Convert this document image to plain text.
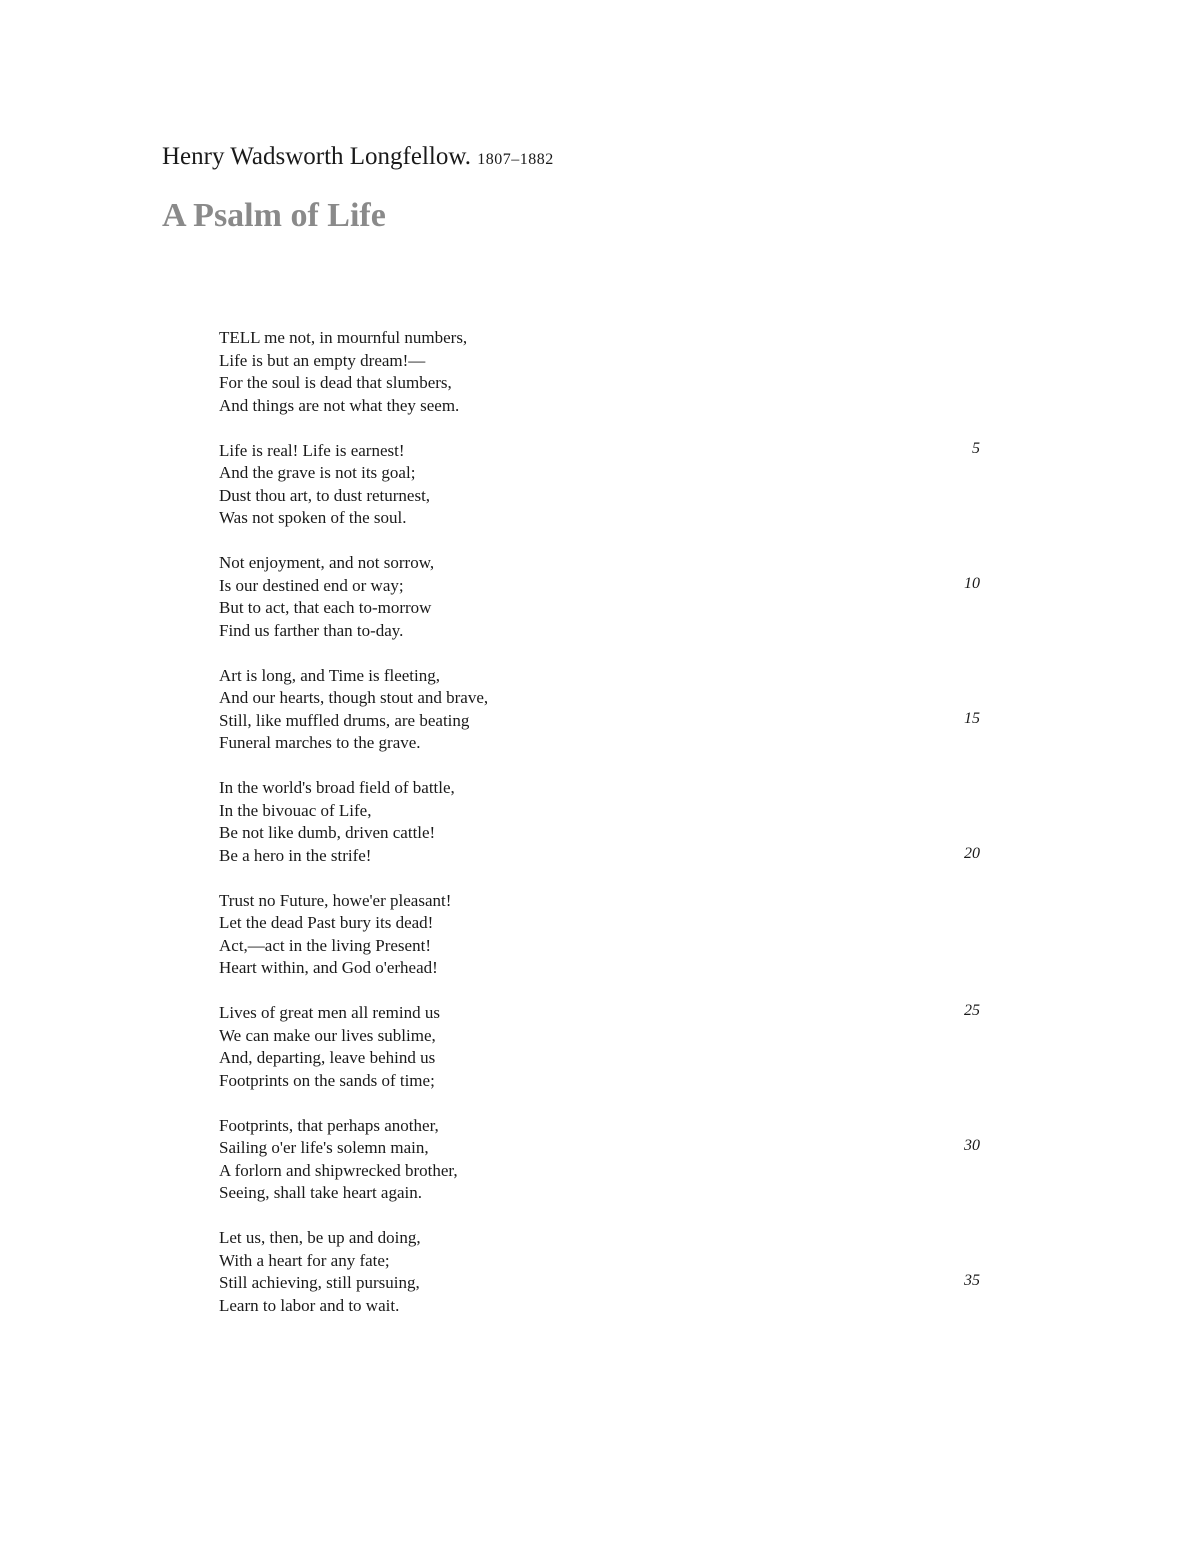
Henry Wadsworth Longfellow. 1807–1882
A Psalm of Life
TELL me not, in mournful numbers,
Life is but an empty dream!—
For the soul is dead that slumbers,
And things are not what they seem.
Life is real! Life is earnest!	5
And the grave is not its goal;
Dust thou art, to dust returnest,
Was not spoken of the soul.
Not enjoyment, and not sorrow,
Is our destined end or way;	10
But to act, that each to-morrow
Find us farther than to-day.
Art is long, and Time is fleeting,
And our hearts, though stout and brave,
Still, like muffled drums, are beating	15
Funeral marches to the grave.
In the world's broad field of battle,
In the bivouac of Life,
Be not like dumb, driven cattle!
Be a hero in the strife!	20
Trust no Future, howe'er pleasant!
Let the dead Past bury its dead!
Act,—act in the living Present!
Heart within, and God o'erhead!
Lives of great men all remind us	25
We can make our lives sublime,
And, departing, leave behind us
Footprints on the sands of time;
Footprints, that perhaps another,
Sailing o'er life's solemn main,	30
A forlorn and shipwrecked brother,
Seeing, shall take heart again.
Let us, then, be up and doing,
With a heart for any fate;
Still achieving, still pursuing,	35
Learn to labor and to wait.
